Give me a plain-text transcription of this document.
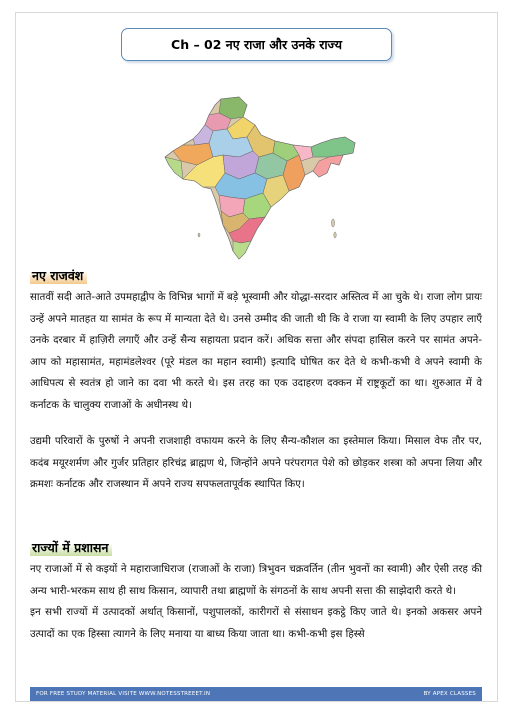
Ch – 02 नए राजा और उनके राज्य
नए राजवंश

सातवीं सदी आते-आते उपमहाद्वीप के विभिन्न भागों में बड़े भूस्वामी और योद्धा-सरदार अस्तित्व में आ चुके थे। राजा लोग प्रायः उन्हें अपने मातहत या सामंत के रूप में मान्यता देते थे। उनसे उम्मीद की जाती थी कि वे राजा या स्वामी के लिए उपहार लाएँ उनके दरबार में हाज़िरी लगाएँ और उन्हें सैन्य सहायता प्रदान करें। अधिक सत्ता और संपदा हासिल करने पर सामंत अपने-आप को महासामंत, महामंडलेश्वर (पूरे मंडल का महान स्वामी) इत्यादि घोषित कर देते थे कभी-कभी वे अपने स्वामी के आधिपत्य से स्वतंत्र हो जाने का दवा भी करते थे। इस तरह का एक उदाहरण दक्कन में राष्ट्रकूटों का था। शुरुआत में वे कर्नाटक के चालुक्य राजाओं के अधीनस्थ थे।

उद्यमी परिवारों के पुरुषों ने अपनी राजशाही वफायम करने के लिए सैन्य-कौशल का इस्तेमाल किया। मिसाल वेफ तौर पर, कदंब मयूरशर्मण और गुर्जर प्रतिहार हरिचंद्र ब्राह्मण थे, जिन्होंने अपने परंपरागत पेशे को छोड़कर शस्त्रा को अपना लिया और क्रमशः कर्नाटक और राजस्थान में अपने राज्य सपफलतापूर्वक स्थापित किए।

राज्यों में प्रशासन

नए राजाओं में से कइयों ने महाराजाधिराज (राजाओं के राजा) त्रिभुवन चक्रवर्तिन (तीन भुवनों का स्वामी) और ऐसी तरह की अन्य भारी-भरकम साथ ही साथ किसान, व्यापारी तथा ब्राह्मणों के संगठनों के साथ अपनी सत्ता की साझेदारी करते थे।

इन सभी राज्यों में उत्पादकों अर्थात् किसानों, पशुपालकों, कारीगरों से संसाधन इकट्ठे किए जाते थे। इनको अकसर अपने उत्पादों का एक हिस्सा त्यागने के लिए मनाया या बाध्य किया जाता था। कभी-कभी इस हिस्से

FOR FREE STUDY MATERIAL VISITE WWW.NOTESSTREEET.IN	BY APEX CLASSES
